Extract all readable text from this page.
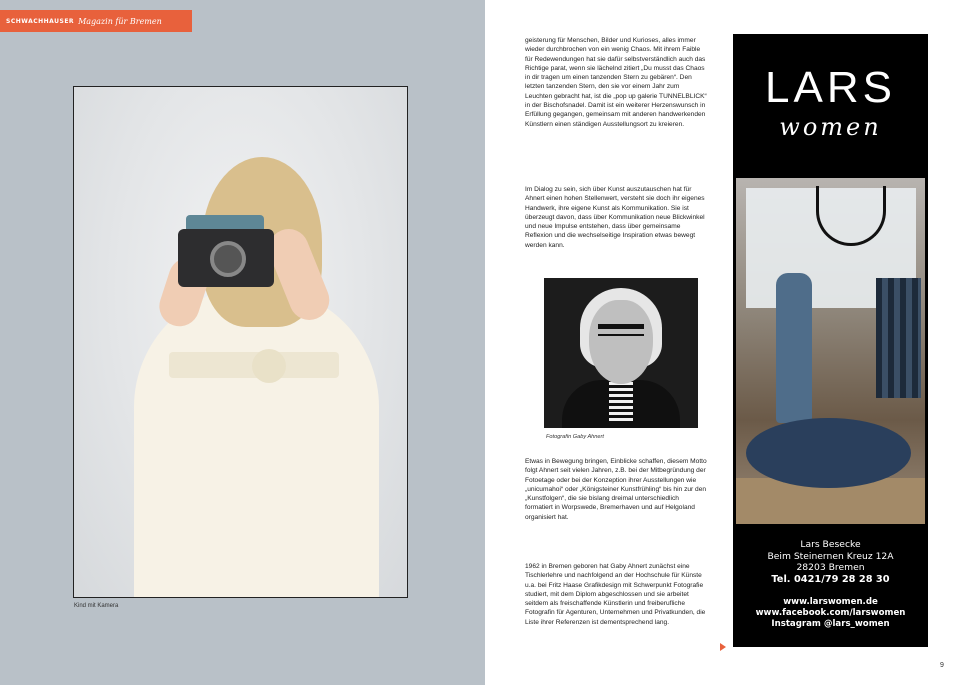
SCHWACHHAUSER Magazin für Bremen
Kind mit Kamera

geisterung für Menschen, Bilder und Kurioses, alles immer wieder durchbrochen von ein wenig Chaos. Mit ihrem Faible für Redewendungen hat sie dafür selbstverständlich auch das Richtige parat, wenn sie lächelnd zitiert „Du musst das Chaos in dir tragen um einen tanzenden Stern zu gebären“. Den letzten tanzenden Stern, den sie vor einem Jahr zum Leuchten gebracht hat, ist die „pop up galerie TUNNELBLICK“ in der Bischofsnadel. Damit ist ein weiterer Herzenswunsch in Erfüllung gegangen, gemeinsam mit anderen handwerkenden Künstlern einen ständigen Ausstellungsort zu kreieren.

Im Dialog zu sein, sich über Kunst auszutauschen hat für Ahnert einen hohen Stellenwert, versteht sie doch ihr eigenes Handwerk, ihre eigene Kunst als Kommunikation. Sie ist überzeugt davon, dass über Kommunikation neue Blickwinkel und neue Impulse entstehen, dass über gemeinsame Reflexion und die wechselseitige Inspiration etwas bewegt werden kann.

Fotografin Gaby Ahnert

Etwas in Bewegung bringen, Einblicke schaffen, diesem Motto folgt Ahnert seit vielen Jahren, z.B. bei der Mitbegründung der Fotoetage oder bei der Konzeption ihrer Ausstellungen wie „unicumahoi“ oder „Königsteiner Kunstfrühling“ bis hin zur den „Kunstfolgen“, die sie bislang dreimal unterschiedlich formatiert in Worpswede, Bremerhaven und auf Helgoland organisiert hat.

1962 in Bremen geboren hat Gaby Ahnert zunächst eine Tischlerlehre und nachfolgend an der Hochschule für Künste u.a. bei Fritz Haase Grafikdesign mit Schwerpunkt Fotografie studiert, mit dem Diplom abgeschlossen und sie arbeitet seitdem als freischaffende Künstlerin und freiberufliche Fotografin für Agenturen, Unternehmen und Privatkunden, die Liste ihrer Referenzen ist dementsprechend lang.

LARS
women
Lars Besecke
Beim Steinernen Kreuz 12A
28203 Bremen
Tel. 0421/79 28 28 30
www.larswomen.de
www.facebook.com/larswomen
Instagram @lars_women
9
